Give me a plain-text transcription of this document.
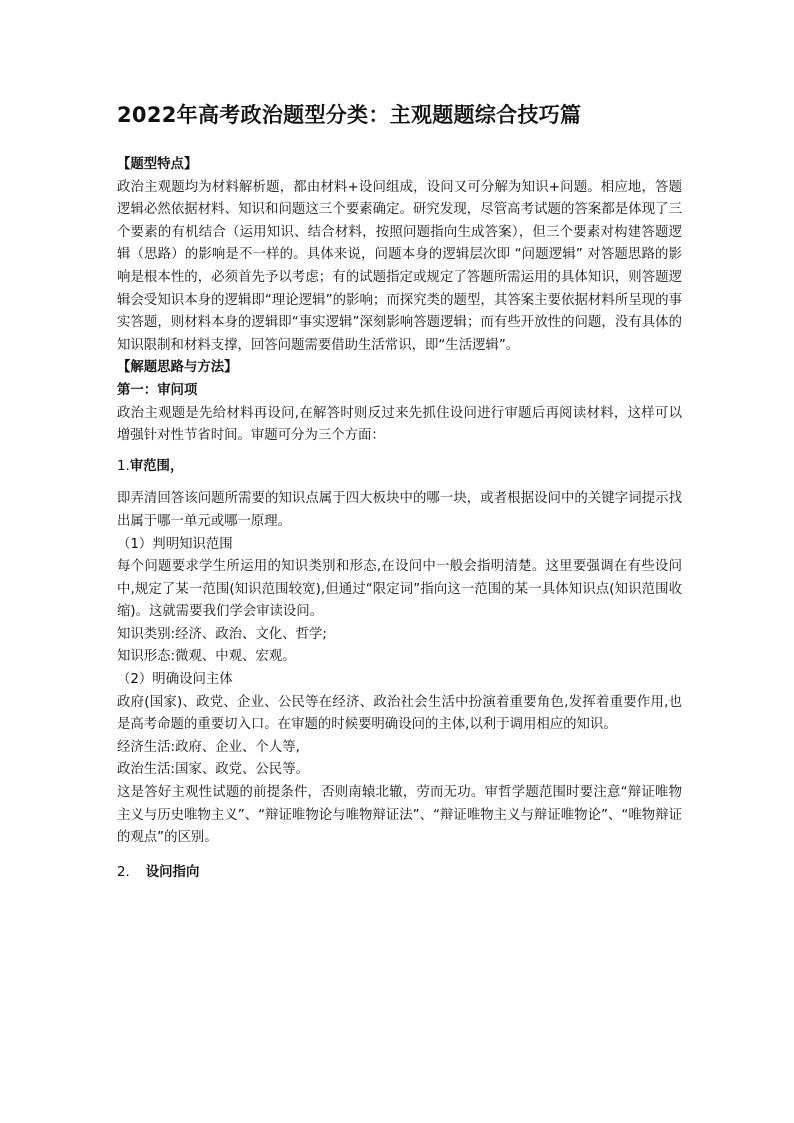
2022年高考政治题型分类：主观题题综合技巧篇

【题型特点】

政治主观题均为材料解析题，都由材料+设问组成，设问又可分解为知识+问题。相应地，答题逻辑必然依据材料、知识和问题这三个要素确定。研究发现，尽管高考试题的答案都是体现了三个要素的有机结合（运用知识、结合材料，按照问题指向生成答案），但三个要素对构建答题逻辑（思路）的影响是不一样的。具体来说，问题本身的逻辑层次即 “问题逻辑” 对答题思路的影响是根本性的，必须首先予以考虑；有的试题指定或规定了答题所需运用的具体知识，则答题逻辑会受知识本身的逻辑即“理论逻辑”的影响；而探究类的题型，其答案主要依据材料所呈现的事实答题，则材料本身的逻辑即“事实逻辑”深刻影响答题逻辑；而有些开放性的问题，没有具体的知识限制和材料支撑，回答问题需要借助生活常识，即“生活逻辑”。

【解题思路与方法】

第一：审问项

政治主观题是先给材料再设问,在解答时则反过来先抓住设问进行审题后再阅读材料，这样可以增强针对性节省时间。审题可分为三个方面：

1.审范围，

即弄清回答该问题所需要的知识点属于四大板块中的哪一块，或者根据设问中的关键字词提示找出属于哪一单元或哪一原理。

（1）判明知识范围

每个问题要求学生所运用的知识类别和形态,在设问中一般会指明清楚。这里要强调在有些设问中,规定了某一范围(知识范围较宽),但通过“限定词”指向这一范围的某一具体知识点(知识范围收缩)。这就需要我们学会审读设问。

知识类别:经济、政治、文化、哲学;

知识形态:微观、中观、宏观。

（2）明确设问主体

政府(国家)、政党、企业、公民等在经济、政治社会生活中扮演着重要角色,发挥着重要作用,也是高考命题的重要切入口。在审题的时候要明确设问的主体,以利于调用相应的知识。

经济生活:政府、企业、个人等,

政治生活:国家、政党、公民等。

这是答好主观性试题的前提条件，否则南辕北辙，劳而无功。审哲学题范围时要注意“辩证唯物主义与历史唯物主义”、“辩证唯物论与唯物辩证法”、“辩证唯物主义与辩证唯物论”、“唯物辩证的观点”的区别。

2. 设问指向
